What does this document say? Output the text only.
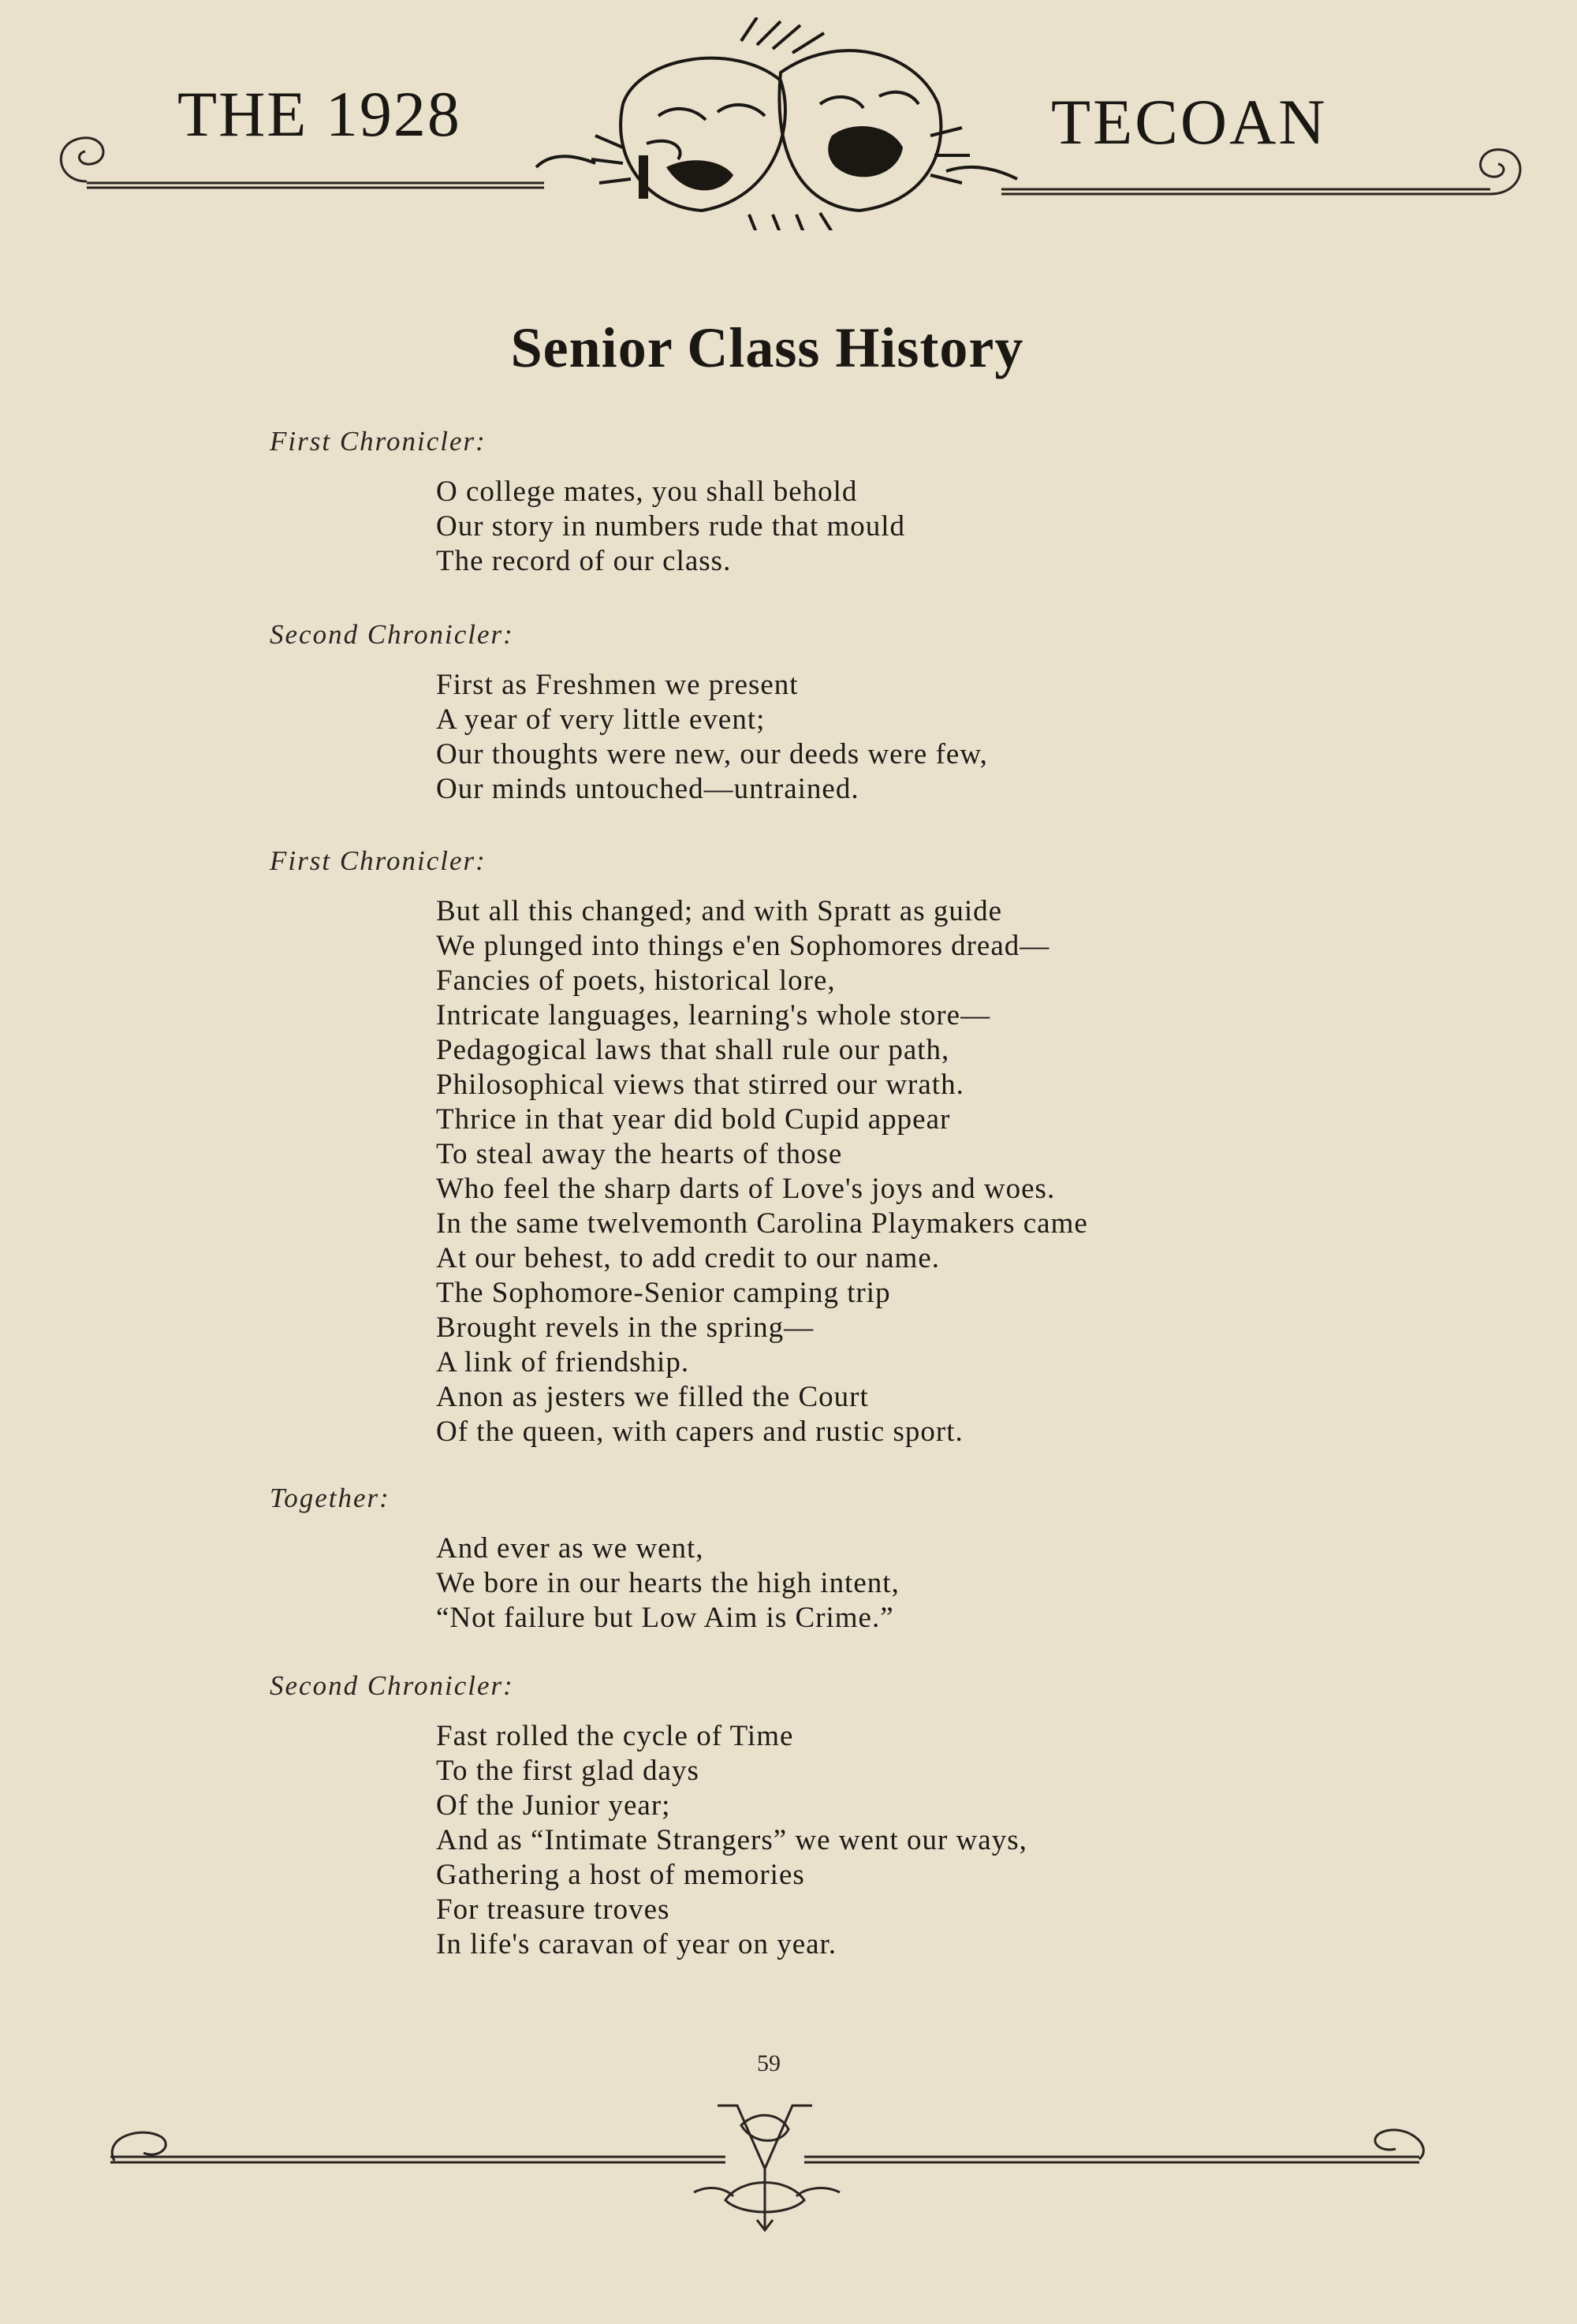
THE 1928	TECOAN
Senior Class History
First Chronicler:
O college mates, you shall behold
Our story in numbers rude that mould
The record of our class.
Second Chronicler:
First as Freshmen we present
A year of very little event;
Our thoughts were new, our deeds were few,
Our minds untouched—untrained.
First Chronicler:
But all this changed; and with Spratt as guide
We plunged into things e'en Sophomores dread—
Fancies of poets, historical lore,
Intricate languages, learning's whole store—
Pedagogical laws that shall rule our path,
Philosophical views that stirred our wrath.
Thrice in that year did bold Cupid appear
To steal away the hearts of those
Who feel the sharp darts of Love's joys and woes.
In the same twelvemonth Carolina Playmakers came
At our behest, to add credit to our name.
The Sophomore-Senior camping trip
Brought revels in the spring—
A link of friendship.
Anon as jesters we filled the Court
Of the queen, with capers and rustic sport.
Together:
And ever as we went,
We bore in our hearts the high intent,
“Not failure but Low Aim is Crime.”
Second Chronicler:
Fast rolled the cycle of Time
To the first glad days
Of the Junior year;
And as “Intimate Strangers” we went our ways,
Gathering a host of memories
For treasure troves
In life's caravan of year on year.
59
